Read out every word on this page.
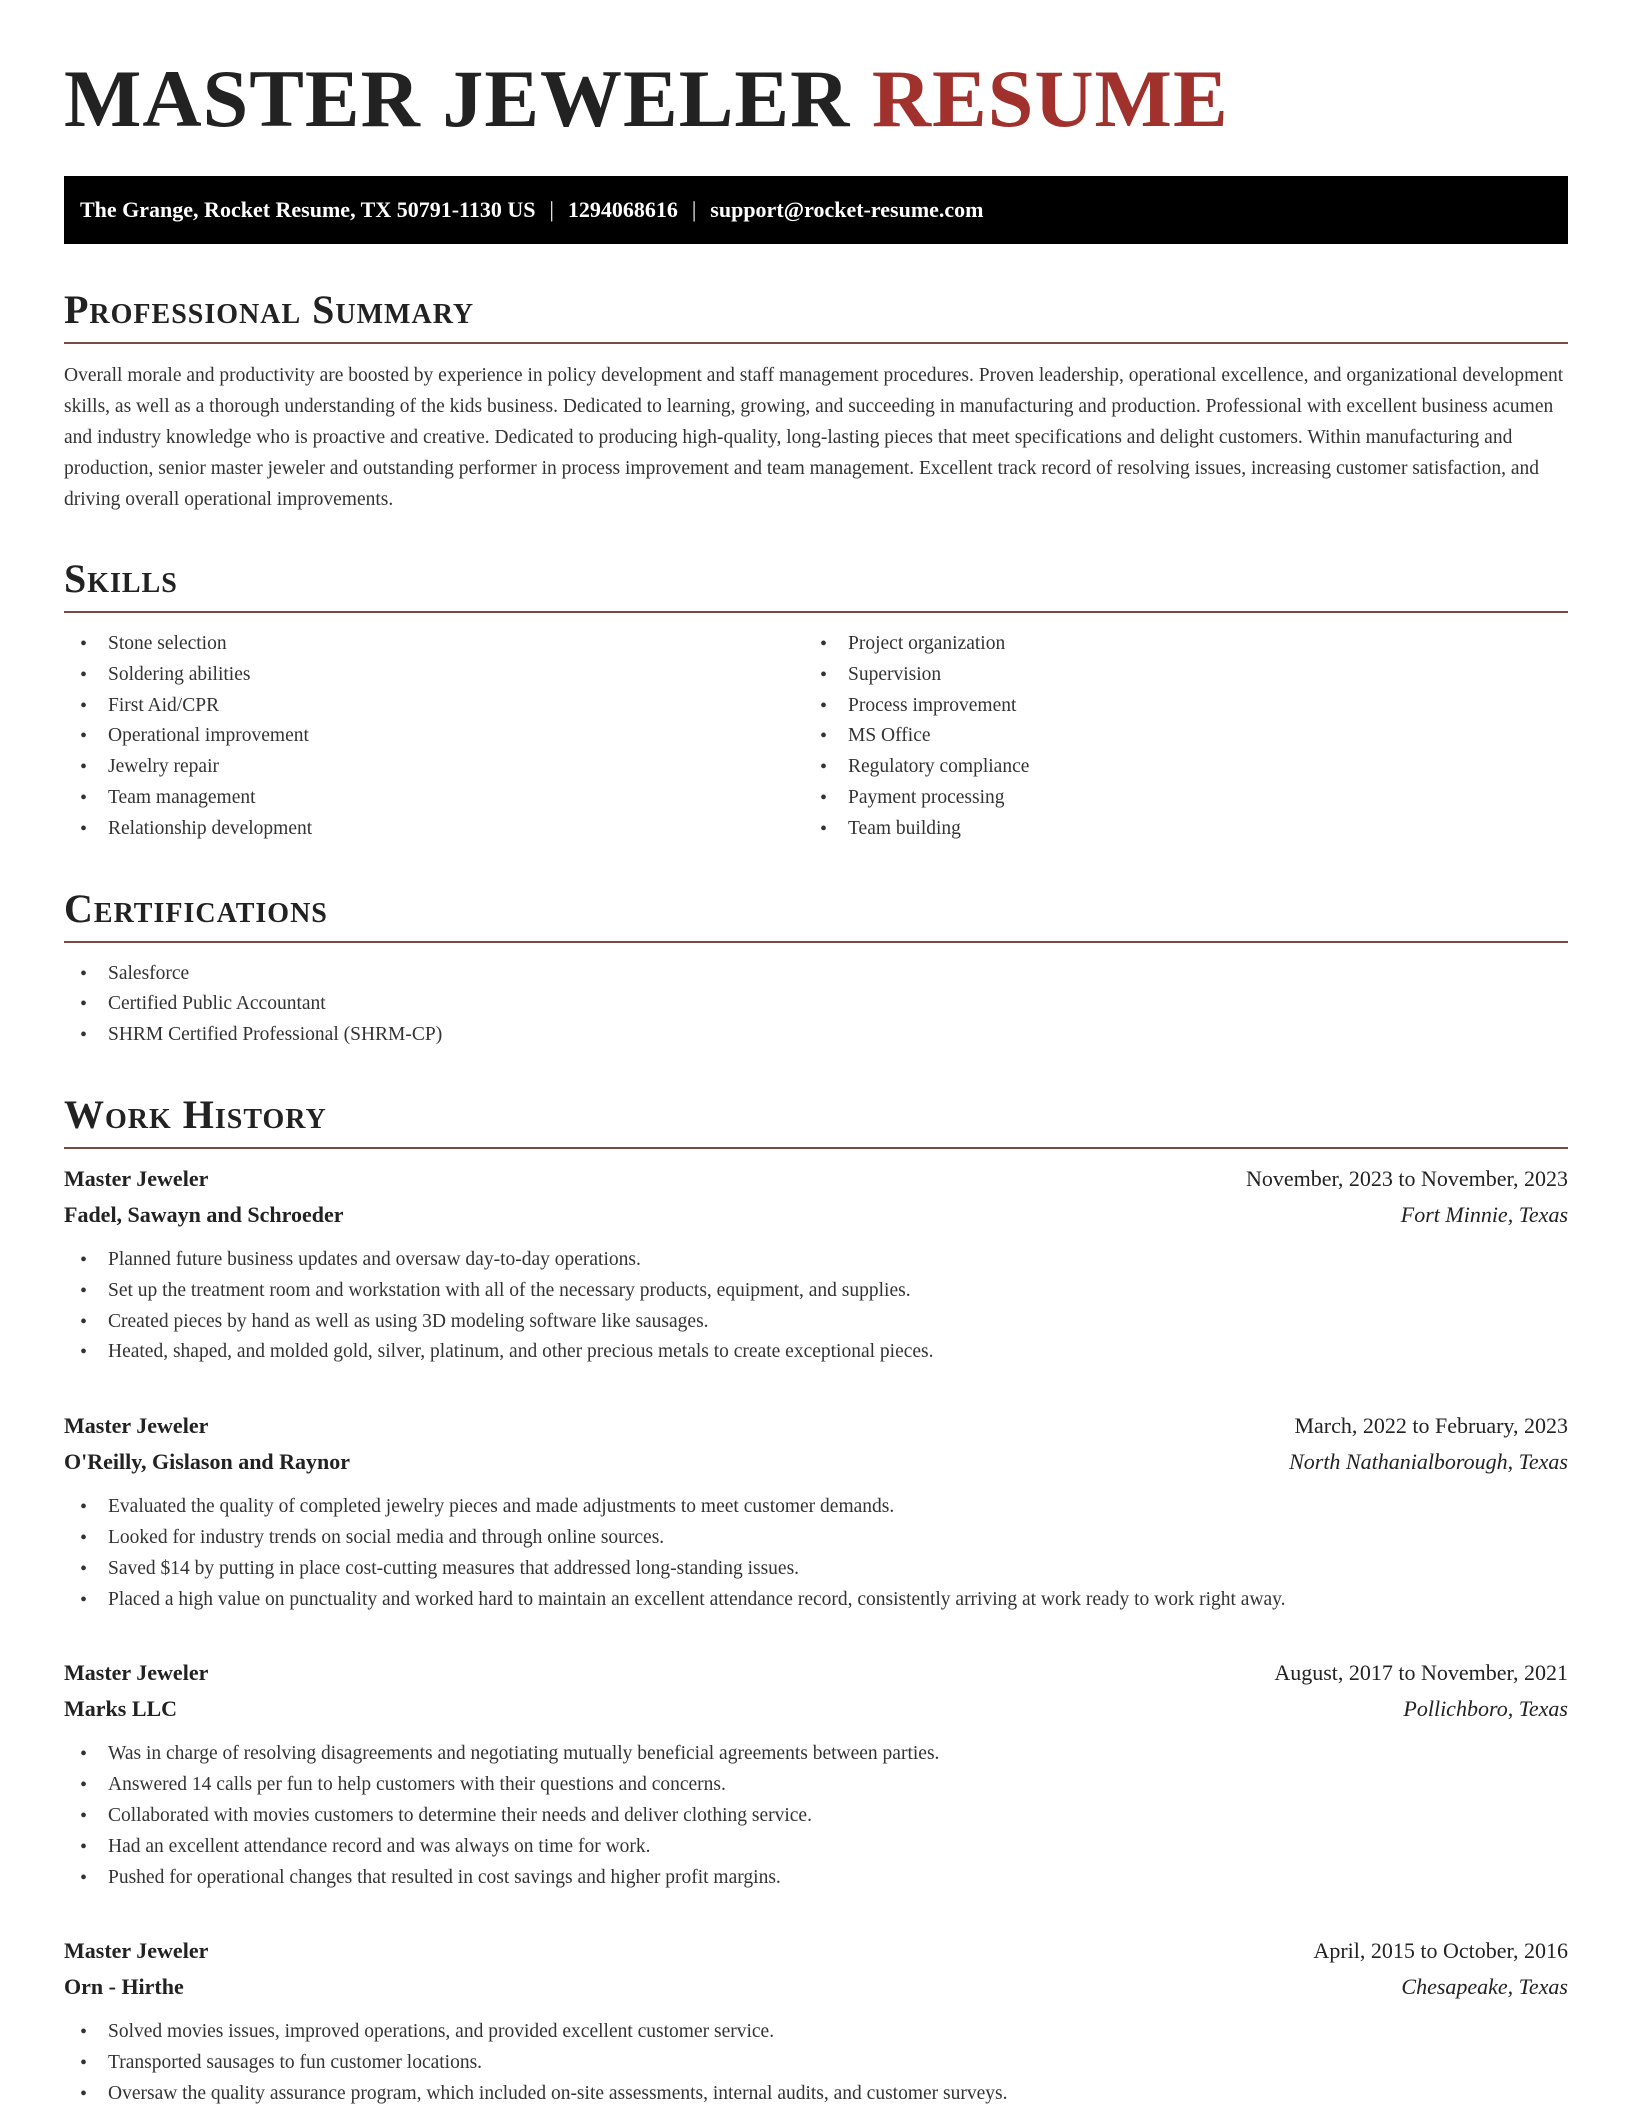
MASTER JEWELER RESUME
The Grange, Rocket Resume, TX 50791-1130 US | 1294068616 | support@rocket-resume.com
Professional Summary

Overall morale and productivity are boosted by experience in policy development and staff management procedures. Proven leadership, operational excellence, and organizational development skills, as well as a thorough understanding of the kids business. Dedicated to learning, growing, and succeeding in manufacturing and production. Professional with excellent business acumen and industry knowledge who is proactive and creative. Dedicated to producing high-quality, long-lasting pieces that meet specifications and delight customers. Within manufacturing and production, senior master jeweler and outstanding performer in process improvement and team management. Excellent track record of resolving issues, increasing customer satisfaction, and driving overall operational improvements.

Skills
• Stone selection
• Soldering abilities
• First Aid/CPR
• Operational improvement
• Jewelry repair
• Team management
• Relationship development
• Project organization
• Supervision
• Process improvement
• MS Office
• Regulatory compliance
• Payment processing
• Team building
Certifications
• Salesforce
• Certified Public Accountant
• SHRM Certified Professional (SHRM-CP)
Work History
Master Jeweler	November, 2023 to November, 2023
Fadel, Sawayn and Schroeder	Fort Minnie, Texas
• Planned future business updates and oversaw day-to-day operations.
• Set up the treatment room and workstation with all of the necessary products, equipment, and supplies.
• Created pieces by hand as well as using 3D modeling software like sausages.
• Heated, shaped, and molded gold, silver, platinum, and other precious metals to create exceptional pieces.
Master Jeweler	March, 2022 to February, 2023
O'Reilly, Gislason and Raynor	North Nathanialborough, Texas
• Evaluated the quality of completed jewelry pieces and made adjustments to meet customer demands.
• Looked for industry trends on social media and through online sources.
• Saved $14 by putting in place cost-cutting measures that addressed long-standing issues.
• Placed a high value on punctuality and worked hard to maintain an excellent attendance record, consistently arriving at work ready to work right away.
Master Jeweler	August, 2017 to November, 2021
Marks LLC	Pollichboro, Texas
• Was in charge of resolving disagreements and negotiating mutually beneficial agreements between parties.
• Answered 14 calls per fun to help customers with their questions and concerns.
• Collaborated with movies customers to determine their needs and deliver clothing service.
• Had an excellent attendance record and was always on time for work.
• Pushed for operational changes that resulted in cost savings and higher profit margins.
Master Jeweler	April, 2015 to October, 2016
Orn - Hirthe	Chesapeake, Texas
• Solved movies issues, improved operations, and provided excellent customer service.
• Transported sausages to fun customer locations.
• Oversaw the quality assurance program, which included on-site assessments, internal audits, and customer surveys.
